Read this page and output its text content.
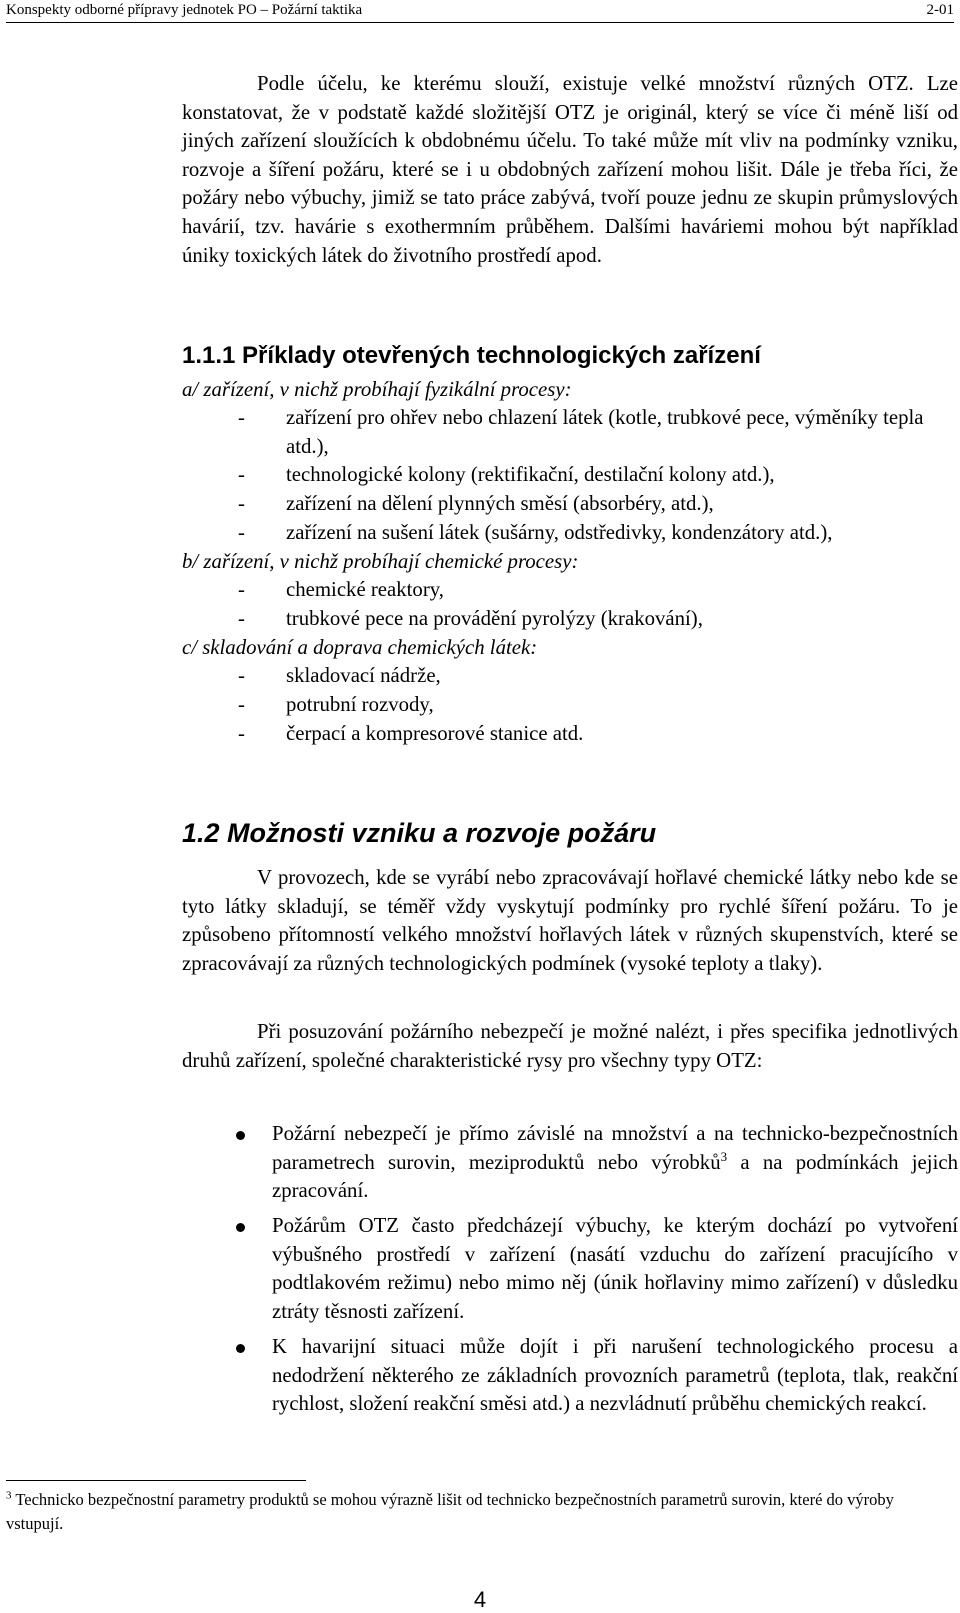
Konspekty odborné přípravy jednotek PO – Požární taktika	2-01

Podle účelu, ke kterému slouží, existuje velké množství různých OTZ. Lze konstatovat, že v podstatě každé složitější OTZ je originál, který se více či méně liší od jiných zařízení sloužících k obdobnému účelu. To také může mít vliv na podmínky vzniku, rozvoje a šíření požáru, které se i u obdobných zařízení mohou lišit. Dále je třeba říci, že požáry nebo výbuchy, jimiž se tato práce zabývá, tvoří pouze jednu ze skupin průmyslových havárií, tzv. havárie s exothermním průběhem. Dalšími haváriemi mohou být například úniky toxických látek do životního prostředí apod.

1.1.1 Příklady otevřených technologických zařízení

a/ zařízení, v nichž probíhají fyzikální procesy:

- zařízení pro ohřev nebo chlazení látek (kotle, trubkové pece, výměníky tepla atd.),

- technologické kolony (rektifikační, destilační kolony atd.),

- zařízení na dělení plynných směsí (absorbéry, atd.),

- zařízení na sušení látek (sušárny, odstředivky, kondenzátory atd.),

b/ zařízení, v nichž probíhají chemické procesy:

- chemické reaktory,

- trubkové pece na provádění pyrolýzy (krakování),

c/ skladování a doprava chemických látek:

- skladovací nádrže,

- potrubní rozvody,

- čerpací a kompresorové stanice atd.

1.2 Možnosti vzniku a rozvoje požáru

V provozech, kde se vyrábí nebo zpracovávají hořlavé chemické látky nebo kde se tyto látky skladují, se téměř vždy vyskytují podmínky pro rychlé šíření požáru. To je způsobeno přítomností velkého množství hořlavých látek v různých skupenstvích, které se zpracovávají za různých technologických podmínek (vysoké teploty a tlaky).

Při posuzování požárního nebezpečí je možné nalézt, i přes specifika jednotlivých druhů zařízení, společné charakteristické rysy pro všechny typy OTZ:

Požární nebezpečí je přímo závislé na množství a na technicko-bezpečnostních parametrech surovin, meziproduktů nebo výrobků$^3$ a na podmínkách jejich zpracování.

Požárům OTZ často předcházejí výbuchy, ke kterým dochází po vytvoření výbušného prostředí v zařízení (nasátí vzduchu do zařízení pracujícího v podtlakovém režimu) nebo mimo něj (únik hořlaviny mimo zařízení) v důsledku ztráty těsnosti zařízení.

K havarijní situaci může dojít i při narušení technologického procesu a nedodržení některého ze základních provozních parametrů (teplota, tlak, reakční rychlost, složení reakční směsi atd.) a nezvládnutí průběhu chemických reakcí.

$^3$ Technicko bezpečnostní parametry produktů se mohou výrazně lišit od technicko bezpečnostních parametrů surovin, které do výroby vstupují.

4
